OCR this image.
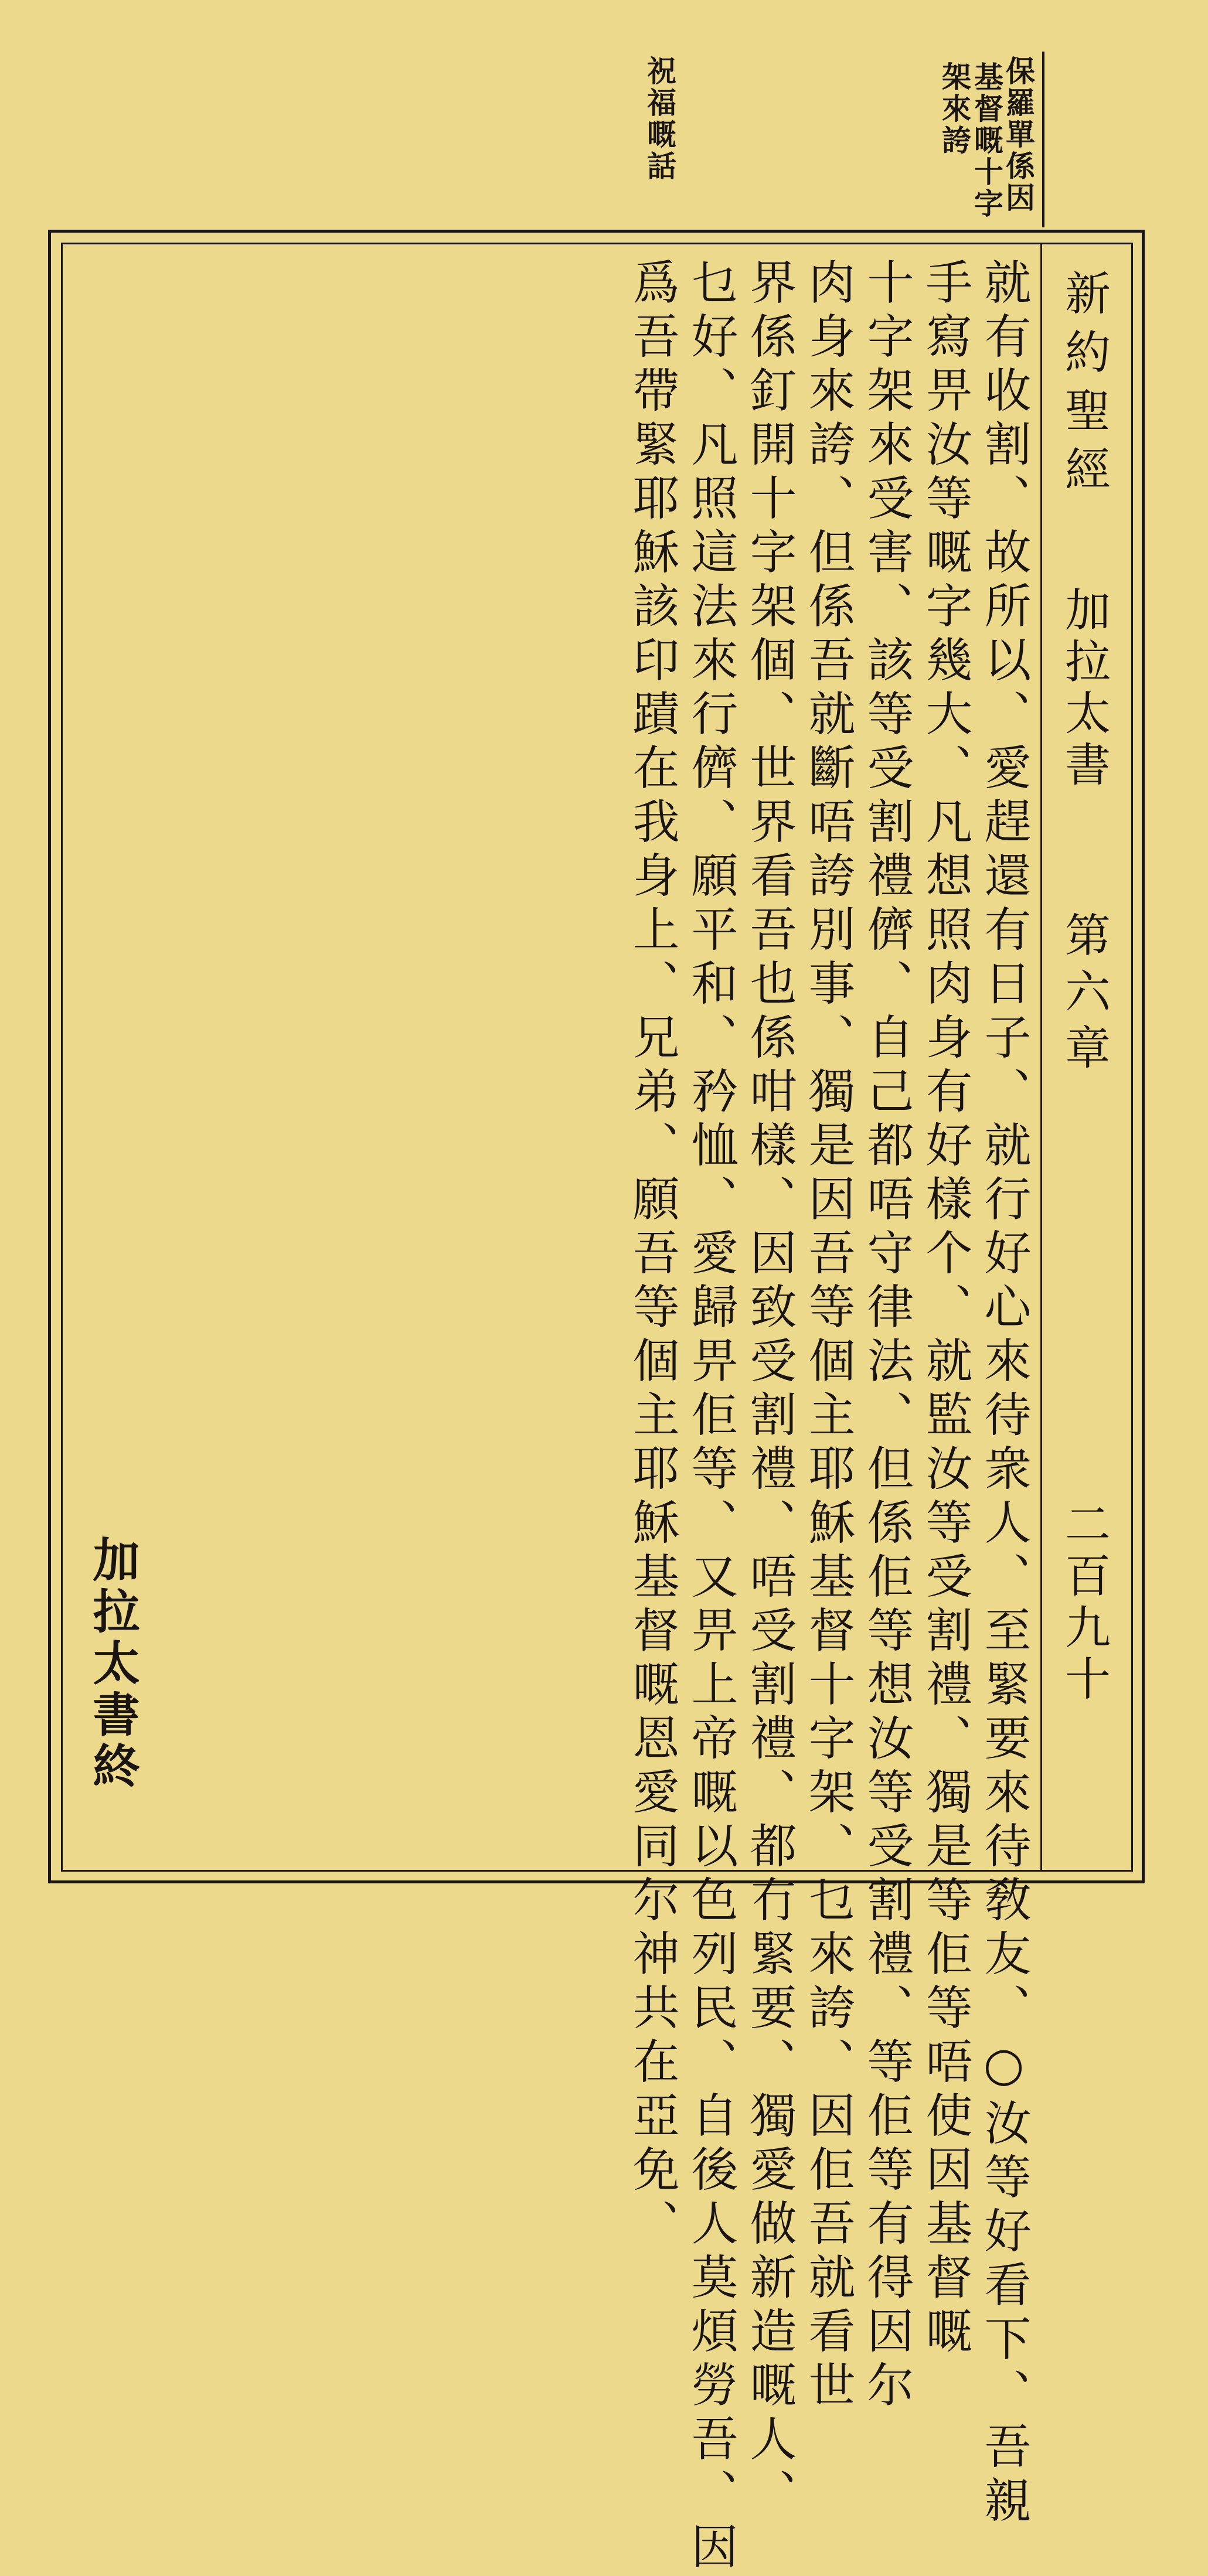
保羅單係因
基督嘅十字
架來誇
祝福嘅話
新約聖經
加拉太書
第六章
二百九十
就有收割、故所以、愛趕還有日子、就行好心來待衆人、至緊要來待敎友、○汝等好看下、吾親
手寫畀汝等嘅字幾大、凡想照肉身有好樣个、就監汝等受割禮、獨是等佢等唔使因基督嘅
十字架來受害、該等受割禮儕、自己都唔守律法、但係佢等想汝等受割禮、等佢等有得因尔
肉身來誇、但係吾就斷唔誇別事、獨是因吾等個主耶穌基督十字架、乜來誇、因佢吾就看世
界係釘開十字架個、世界看吾也係咁樣、因致受割禮、唔受割禮、都冇緊要、獨愛做新造嘅人、
乜好、凡照這法來行儕、願平和、矜恤、愛歸畀佢等、又畀上帝嘅以色列民、自後人莫煩勞吾、因
爲吾帶緊耶穌該印蹟在我身上、兄弟、願吾等個主耶穌基督嘅恩愛同尔神共在亞免、
加拉太書終
